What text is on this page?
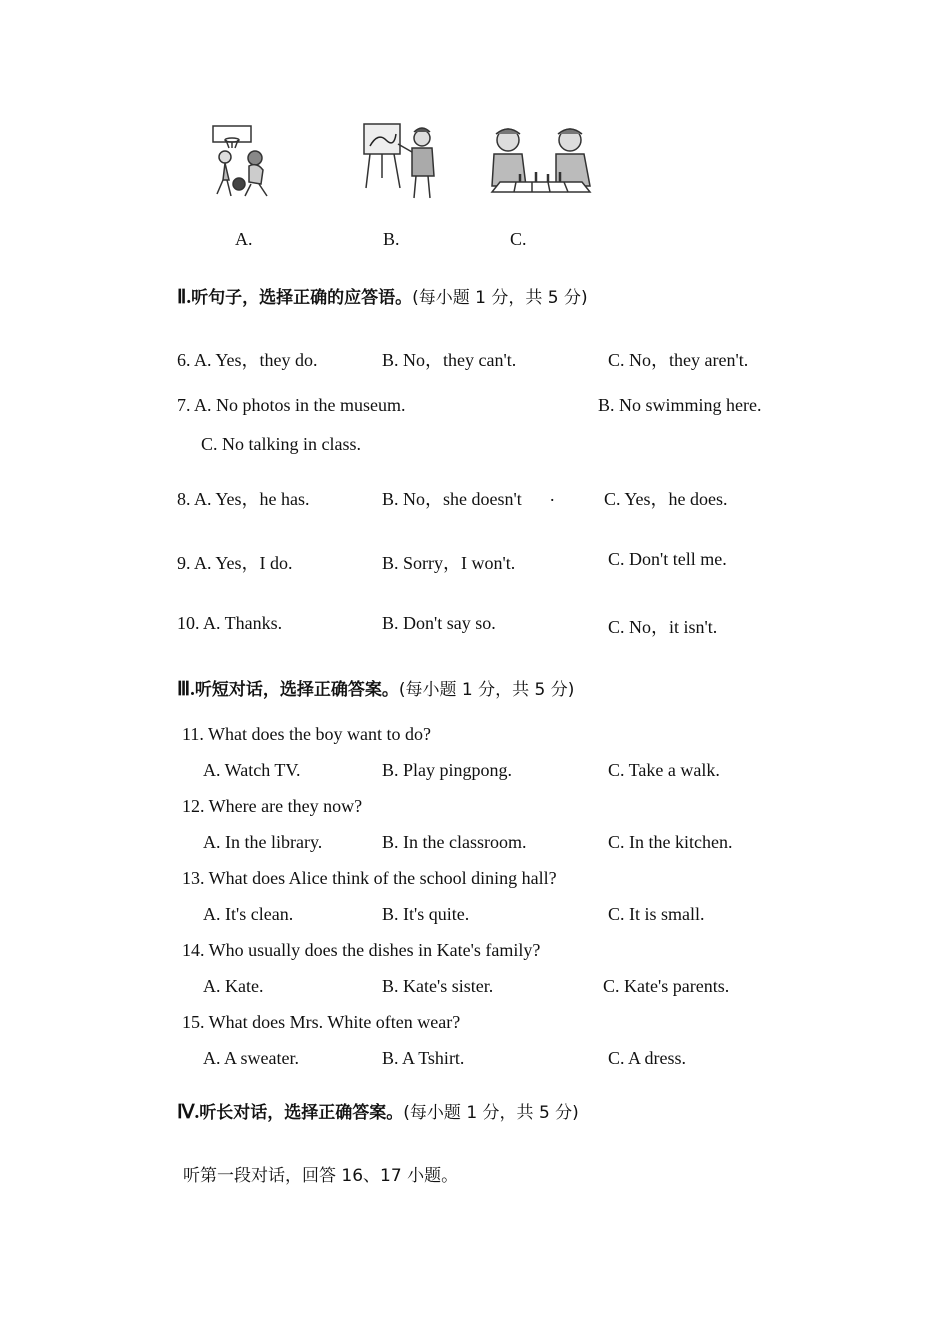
A.	B.	C.
Ⅱ.听句子，选择正确的应答语。(每小题 1 分，共 5 分)
6. A. Yes，they do.	B. No，they can't.	C. No，they aren't.
7. A. No photos in the museum.	B. No swimming here.
C. No talking in class.
8. A. Yes，he has.	B. No，she doesn't .	C. Yes，he does.
9. A. Yes，I do.	B. Sorry，I won't.	C. Don't tell me.
10. A. Thanks.	B. Don't say so.	C. No，it isn't.
Ⅲ.听短对话，选择正确答案。(每小题 1 分，共 5 分)
11. What does the boy want to do?
A. Watch TV.	B. Play pingpong.	C. Take a walk.
12. Where are they now?
A. In the library.	B. In the classroom.	C. In the kitchen.
13. What does Alice think of the school dining hall?
A. It's clean.	B. It's quite.	C. It is small.
14. Who usually does the dishes in Kate's family?
A. Kate.	B. Kate's sister.	C. Kate's parents.
15. What does Mrs. White often wear?
A. A sweater.	B. A Tshirt.	C. A dress.
Ⅳ.听长对话，选择正确答案。(每小题 1 分，共 5 分)
听第一段对话，回答 16、17 小题。
